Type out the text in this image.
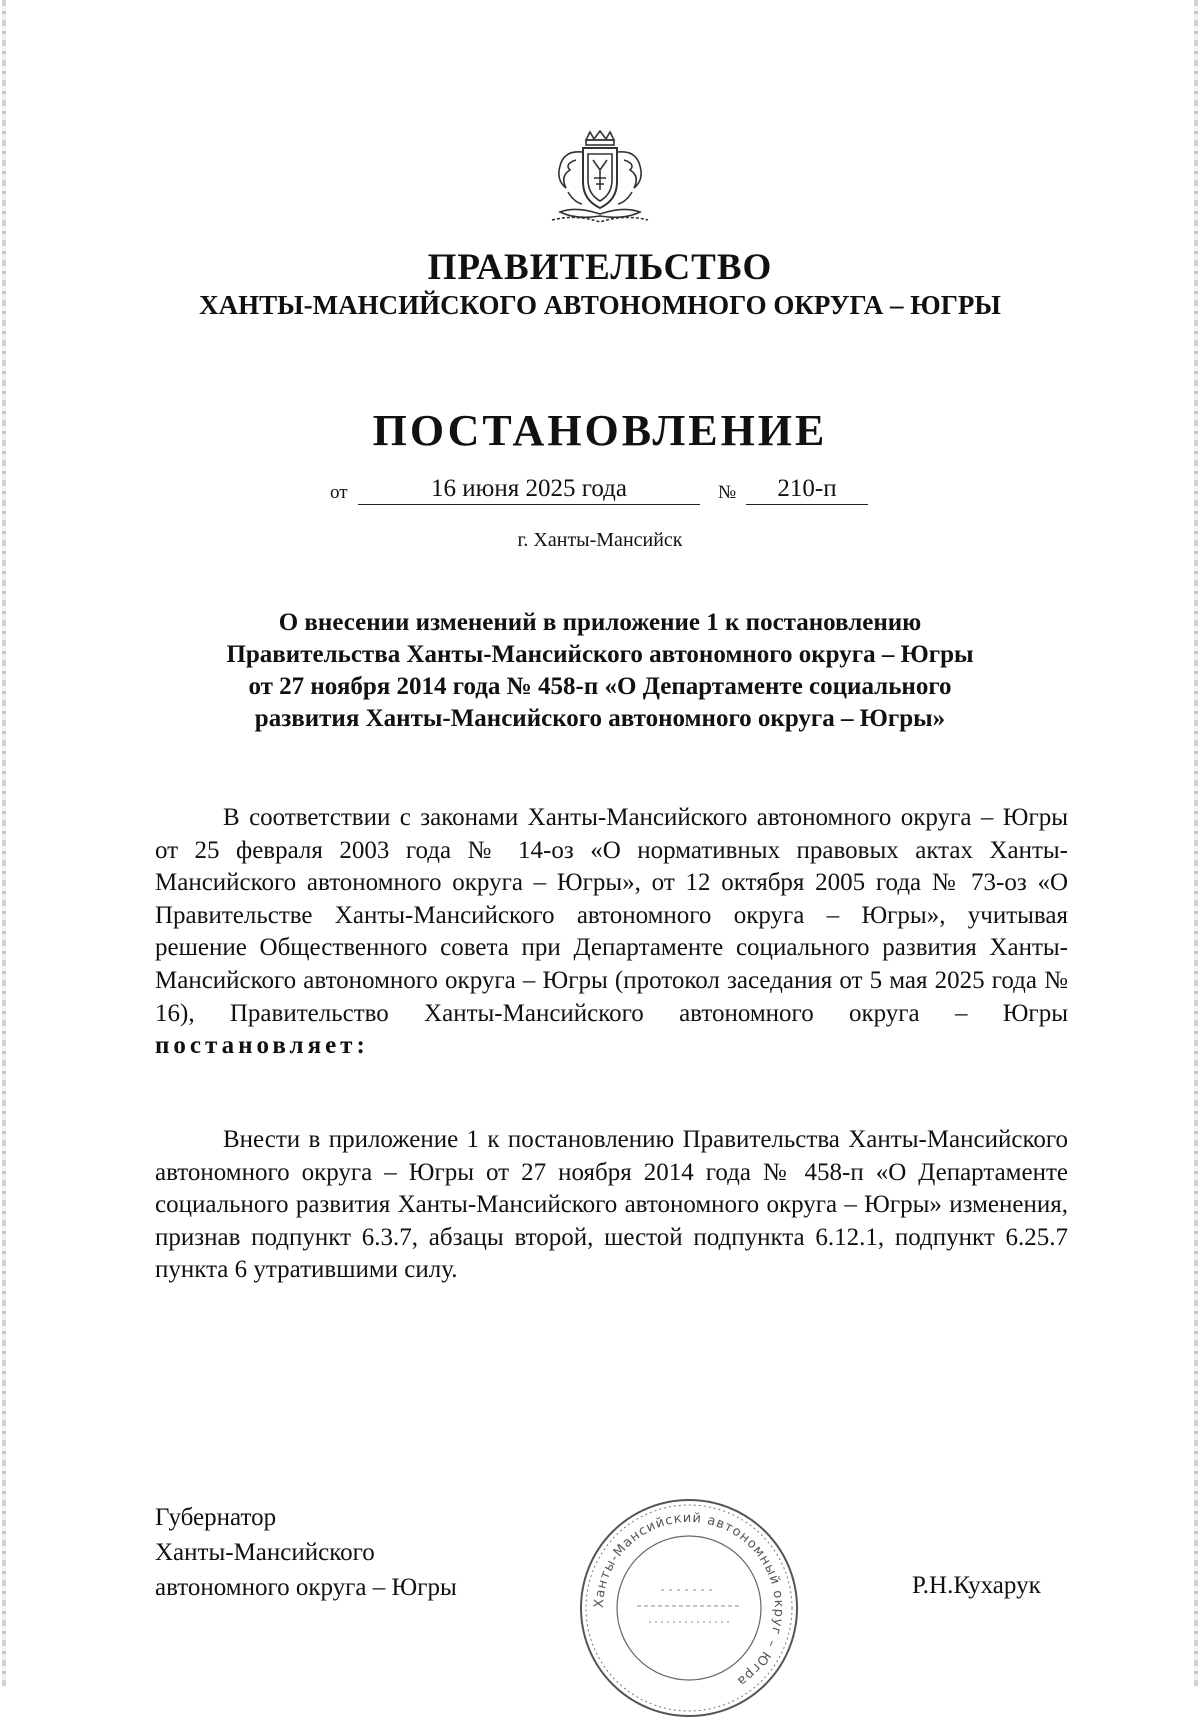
ПРАВИТЕЛЬСТВО
ХАНТЫ-МАНСИЙСКОГО АВТОНОМНОГО ОКРУГА – ЮГРЫ
ПОСТАНОВЛЕНИЕ
от	16 июня 2025 года	№	210-п
г. Ханты-Мансийск
О внесении изменений в приложение 1 к постановлению
Правительства Ханты-Мансийского автономного округа – Югры
от 27 ноября 2014 года № 458-п «О Департаменте социального
развития Ханты-Мансийского автономного округа – Югры»
В соответствии с законами Ханты-Мансийского автономного округа – Югры от 25 февраля 2003 года № 14-оз «О нормативных правовых актах Ханты-Мансийского автономного округа – Югры», от 12 октября 2005 года № 73-оз «О Правительстве Ханты-Мансийского автономного округа – Югры», учитывая решение Общественного совета при Департаменте социального развития Ханты-Мансийского автономного округа – Югры (протокол заседания от 5 мая 2025 года № 16), Правительство Ханты-Мансийского автономного округа – Югры постановляет:
Внести в приложение 1 к постановлению Правительства Ханты-Мансийского автономного округа – Югры от 27 ноября 2014 года № 458-п «О Департаменте социального развития Ханты-Мансийского автономного округа – Югры» изменения, признав подпункт 6.3.7, абзацы второй, шестой подпункта 6.12.1, подпункт 6.25.7 пункта 6 утратившими силу.
Губернатор
Ханты-Мансийского
автономного округа – Югры
Ханты-Мансийский автономный округ – Югра
Р.Н.Кухарук
